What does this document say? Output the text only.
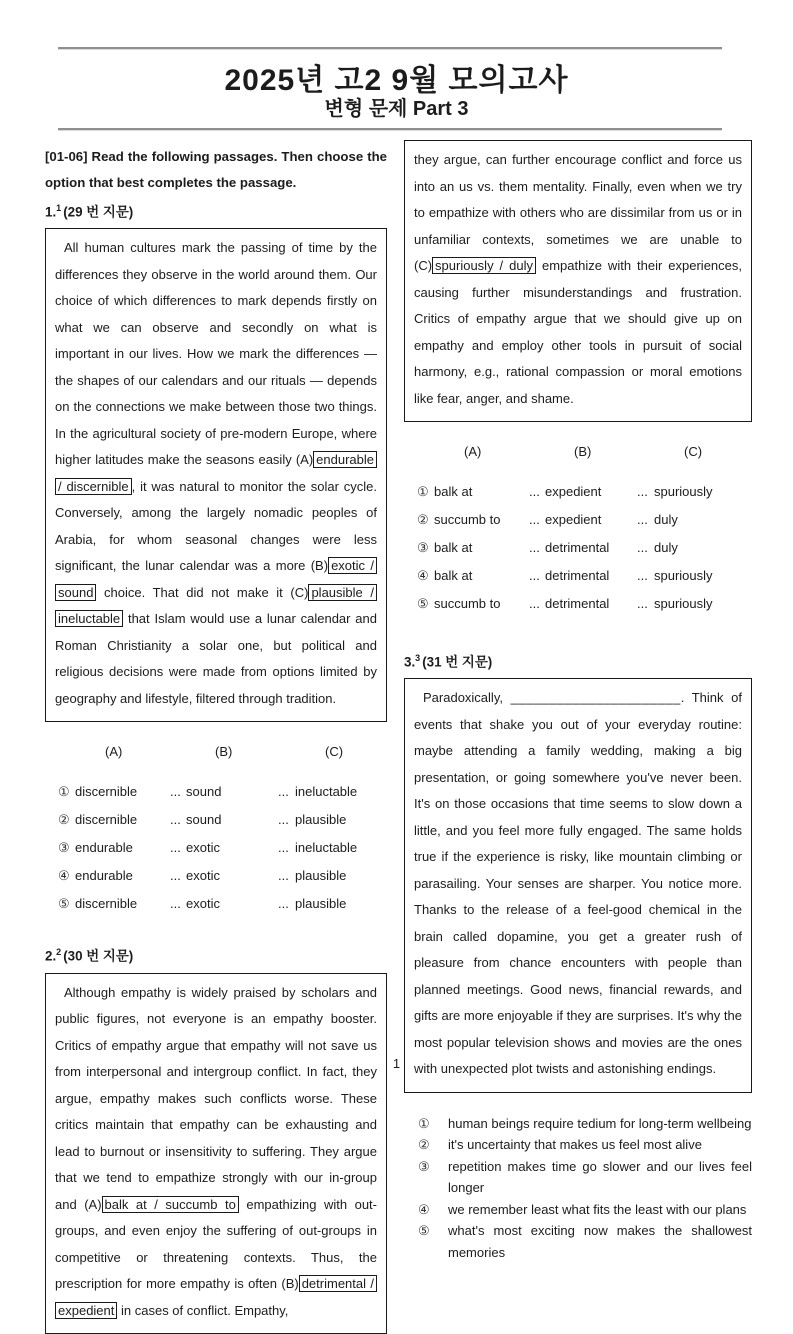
2025년 고2 9월 모의고사
변형 문제 Part 3

[01-06] Read the following passages. Then choose the option that best completes the passage.

1.$^1$ (29 번 지문)
All human cultures mark the passing of time by the differences they observe in the world around them. Our choice of which differences to mark depends firstly on what we can observe and secondly on what is important in our lives. How we mark the differences — the shapes of our calendars and our rituals — depends on the connections we make between those two things. In the agricultural society of pre-modern Europe, where higher latitudes make the seasons easily (A) endurable / discernible , it was natural to monitor the solar cycle. Conversely, among the largely nomadic peoples of Arabia, for whom seasonal changes were less significant, the lunar calendar was a more (B) exotic / sound choice. That did not make it (C) plausible / ineluctable that Islam would use a lunar calendar and Roman Christianity a solar one, but political and religious decisions were made from options limited by geography and lifestyle, filtered through tradition.
(A)	(B)	(C)
① discernible	... sound	... ineluctable
② discernible	... sound	... plausible
③ endurable	... exotic	... ineluctable
④ endurable	... exotic	... plausible
⑤ discernible	... exotic	... plausible
2.$^2$ (30 번 지문)
Although empathy is widely praised by scholars and public figures, not everyone is an empathy booster. Critics of empathy argue that empathy will not save us from interpersonal and intergroup conflict. In fact, they argue, empathy makes such conflicts worse. These critics maintain that empathy can be exhausting and lead to burnout or insensitivity to suffering. They argue that we tend to empathize strongly with our in-group and (A) balk at / succumb to empathizing with out-groups, and even enjoy the suffering of out-groups in competitive or threatening contexts. Thus, the prescription for more empathy is often (B) detrimental / expedient in cases of conflict. Empathy,
they argue, can further encourage conflict and force us into an us vs. them mentality. Finally, even when we try to empathize with others who are dissimilar from us or in unfamiliar contexts, sometimes we are unable to (C) spuriously / duly empathize with their experiences, causing further misunderstandings and frustration. Critics of empathy argue that we should give up on empathy and employ other tools in pursuit of social harmony, e.g., rational compassion or moral emotions like fear, anger, and shame.
(A)	(B)	(C)
① balk at	... expedient	... spuriously
② succumb to	... expedient	... duly
③ balk at	... detrimental	... duly
④ balk at	... detrimental	... spuriously
⑤ succumb to	... detrimental	... spuriously
3.$^3$ (31 번 지문)
Paradoxically, ______________________. Think of events that shake you out of your everyday routine: maybe attending a family wedding, making a big presentation, or going somewhere you've never been. It's on those occasions that time seems to slow down a little, and you feel more fully engaged. The same holds true if the experience is risky, like mountain climbing or parasailing. Your senses are sharper. You notice more. Thanks to the release of a feel-good chemical in the brain called dopamine, you get a greater rush of pleasure from chance encounters with people than planned meetings. Good news, financial rewards, and gifts are more enjoyable if they are surprises. It's why the most popular television shows and movies are the ones with unexpected plot twists and astonishing endings.
① human beings require tedium for long-term wellbeing
② it's uncertainty that makes us feel most alive
③ repetition makes time go slower and our lives feel longer
④ we remember least what fits the least with our plans
⑤ what's most exciting now makes the shallowest memories
1
